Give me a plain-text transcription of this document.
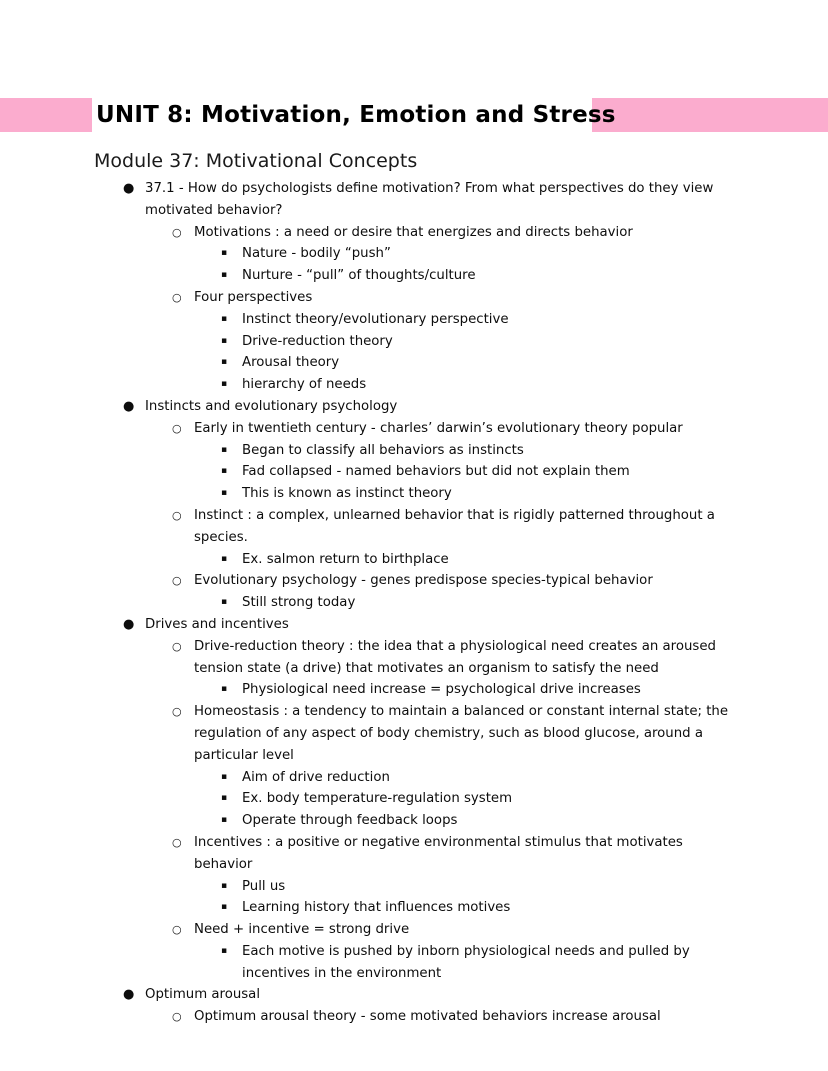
UNIT 8: Motivation, Emotion and Stress
Module 37: Motivational Concepts
● 37.1 - How do psychologists define motivation? From what perspectives do they view motivated behavior?
○ Motivations : a need or desire that energizes and directs behavior
▪ Nature - bodily “push”
▪ Nurture - “pull” of thoughts/culture
○ Four perspectives
▪ Instinct theory/evolutionary perspective
▪ Drive-reduction theory
▪ Arousal theory
▪ hierarchy of needs
● Instincts and evolutionary psychology
○ Early in twentieth century - charles’ darwin’s evolutionary theory popular
▪ Began to classify all behaviors as instincts
▪ Fad collapsed - named behaviors but did not explain them
▪ This is known as instinct theory
○ Instinct : a complex, unlearned behavior that is rigidly patterned throughout a species.
▪ Ex. salmon return to birthplace
○ Evolutionary psychology - genes predispose species-typical behavior
▪ Still strong today
● Drives and incentives
○ Drive-reduction theory : the idea that a physiological need creates an aroused tension state (a drive) that motivates an organism to satisfy the need
▪ Physiological need increase = psychological drive increases
○ Homeostasis : a tendency to maintain a balanced or constant internal state; the regulation of any aspect of body chemistry, such as blood glucose, around a particular level
▪ Aim of drive reduction
▪ Ex. body temperature-regulation system
▪ Operate through feedback loops
○ Incentives : a positive or negative environmental stimulus that motivates behavior
▪ Pull us
▪ Learning history that influences motives
○ Need + incentive = strong drive
▪ Each motive is pushed by inborn physiological needs and pulled by incentives in the environment
● Optimum arousal
○ Optimum arousal theory - some motivated behaviors increase arousal
